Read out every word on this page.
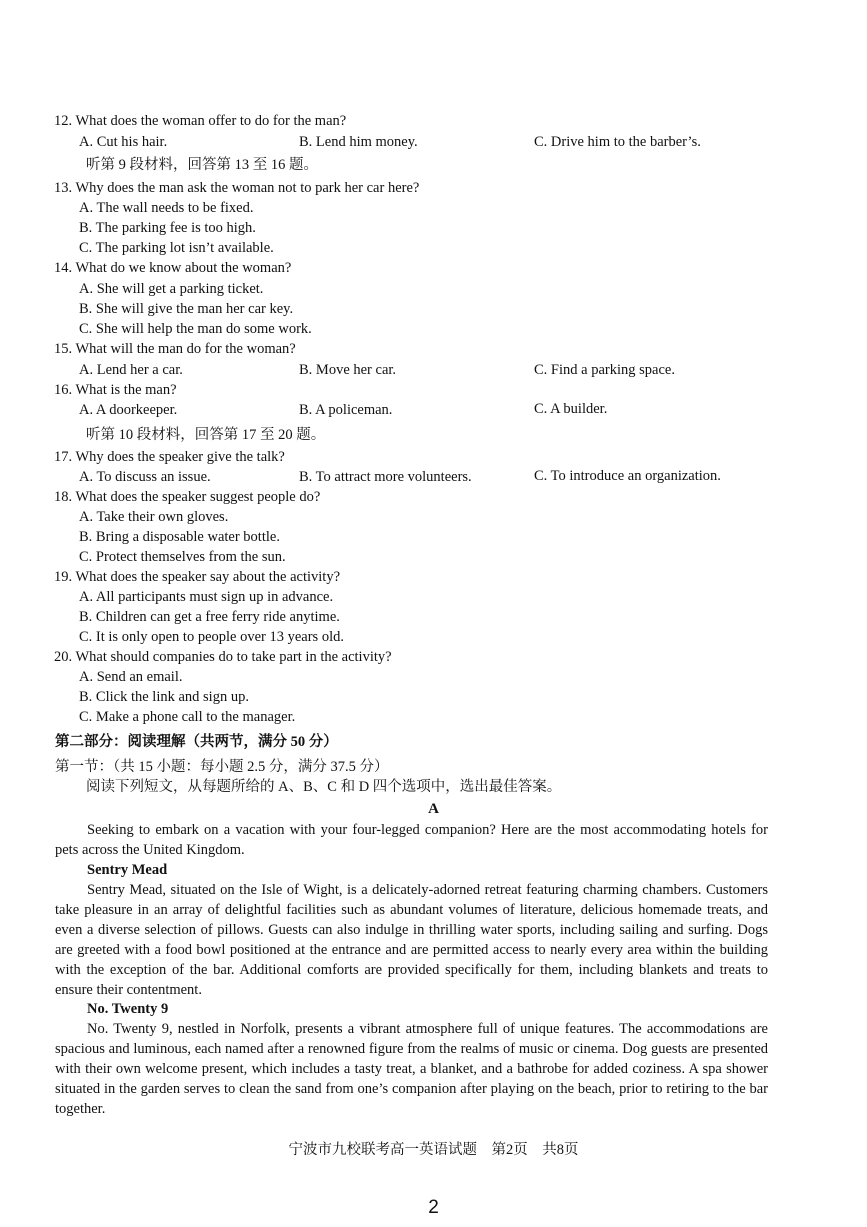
12. What does the woman offer to do for the man?
A. Cut his hair.	B. Lend him money.	C. Drive him to the barber’s.
听第 9 段材料，回答第 13 至 16 题。
13. Why does the man ask the woman not to park her car here?
A. The wall needs to be fixed.
B. The parking fee is too high.
C. The parking lot isn’t available.
14. What do we know about the woman?
A. She will get a parking ticket.
B. She will give the man her car key.
C. She will help the man do some work.
15. What will the man do for the woman?
A. Lend her a car.	B. Move her car.	C. Find a parking space.
16. What is the man?
A. A doorkeeper.	B. A policeman.	C. A builder.
听第 10 段材料，回答第 17 至 20 题。
17. Why does the speaker give the talk?
A. To discuss an issue.	B. To attract more volunteers.	C. To introduce an organization.
18. What does the speaker suggest people do?
A. Take their own gloves.
B. Bring a disposable water bottle.
C. Protect themselves from the sun.
19. What does the speaker say about the activity?
A. All participants must sign up in advance.
B. Children can get a free ferry ride anytime.
C. It is only open to people over 13 years old.
20. What should companies do to take part in the activity?
A. Send an email.
B. Click the link and sign up.
C. Make a phone call to the manager.
第二部分：阅读理解（共两节，满分 50 分）
第一节：（共 15 小题：每小题 2.5 分，满分 37.5 分）
阅读下列短文，从每题所给的 A、B、C 和 D 四个选项中，选出最佳答案。
A
Seeking to embark on a vacation with your four-legged companion? Here are the most accommodating hotels for pets across the United Kingdom.
Sentry Mead
Sentry Mead, situated on the Isle of Wight, is a delicately-adorned retreat featuring charming chambers. Customers take pleasure in an array of delightful facilities such as abundant volumes of literature, delicious homemade treats, and even a diverse selection of pillows. Guests can also indulge in thrilling water sports, including sailing and surfing. Dogs are greeted with a food bowl positioned at the entrance and are permitted access to nearly every area within the building with the exception of the bar. Additional comforts are provided specifically for them, including blankets and treats to ensure their contentment.
No. Twenty 9
No. Twenty 9, nestled in Norfolk, presents a vibrant atmosphere full of unique features. The accommodations are spacious and luminous, each named after a renowned figure from the realms of music or cinema. Dog guests are presented with their own welcome present, which includes a tasty treat, a blanket, and a bathrobe for added coziness. A spa shower situated in the garden serves to clean the sand from one’s companion after playing on the beach, prior to retiring to the bar together.
宁波市九校联考高一英语试题　第2页　共8页
2
